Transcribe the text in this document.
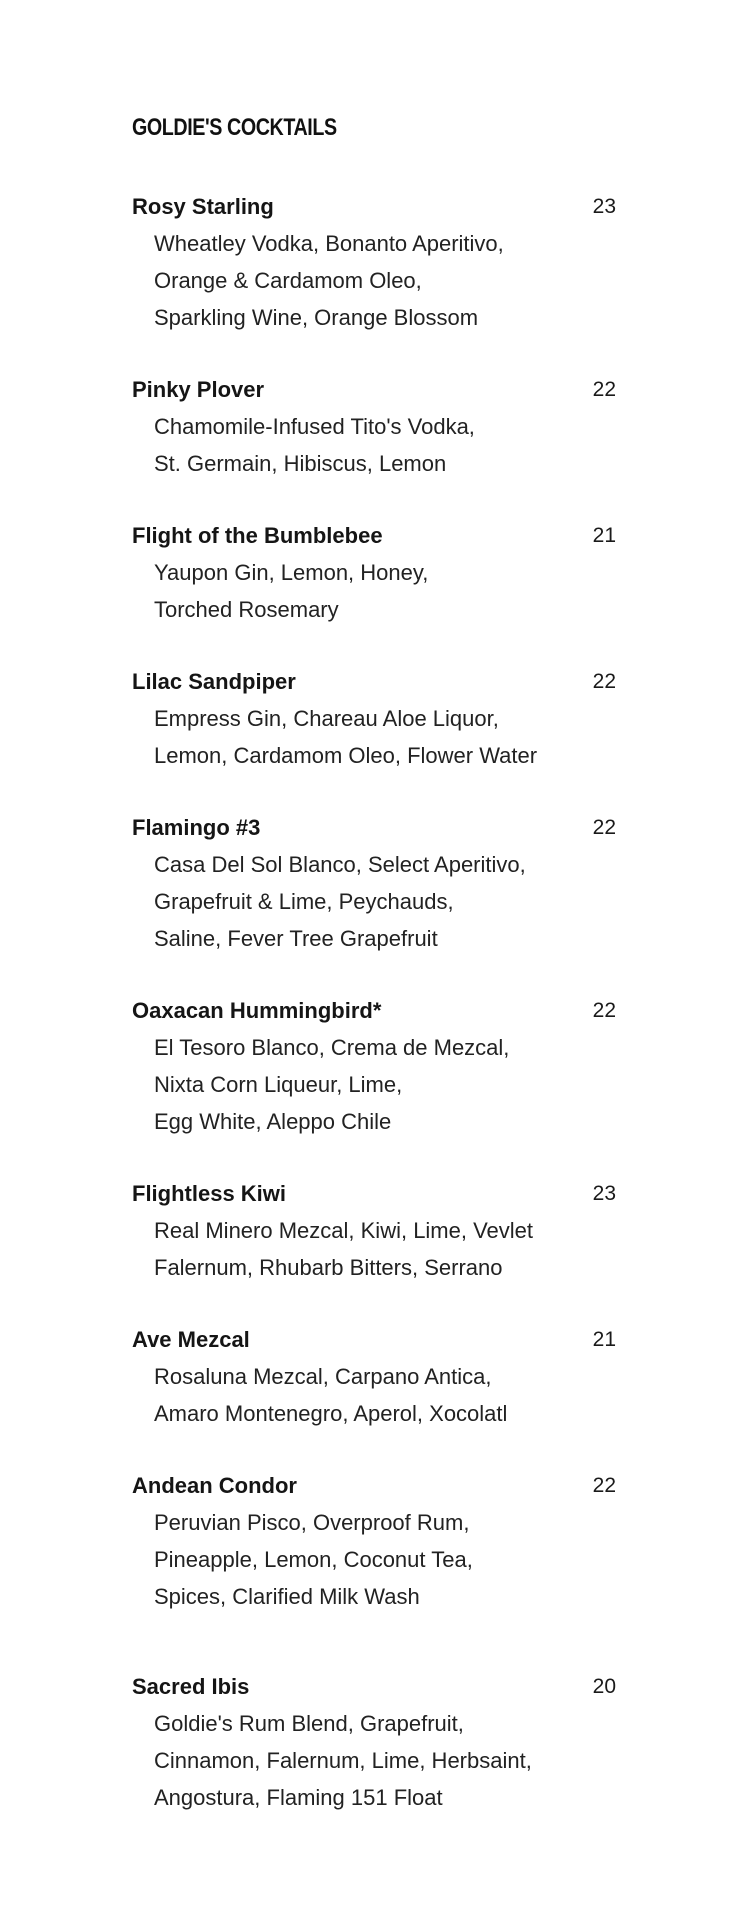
GOLDIE'S COCKTAILS
Rosy Starling	23
Wheatley Vodka, Bonanto Aperitivo,
Orange & Cardamom Oleo,
Sparkling Wine, Orange Blossom
Pinky Plover	22
Chamomile-Infused Tito's Vodka,
St. Germain, Hibiscus, Lemon
Flight of the Bumblebee	21
Yaupon Gin, Lemon, Honey,
Torched Rosemary
Lilac Sandpiper	22
Empress Gin, Chareau Aloe Liquor,
Lemon, Cardamom Oleo, Flower Water
Flamingo #3	22
Casa Del Sol Blanco, Select Aperitivo,
Grapefruit & Lime, Peychauds,
Saline, Fever Tree Grapefruit
Oaxacan Hummingbird*	22
El Tesoro Blanco, Crema de Mezcal,
Nixta Corn Liqueur, Lime,
Egg White, Aleppo Chile
Flightless Kiwi	23
Real Minero Mezcal, Kiwi, Lime, Vevlet
Falernum, Rhubarb Bitters, Serrano
Ave Mezcal	21
Rosaluna Mezcal, Carpano Antica,
Amaro Montenegro, Aperol, Xocolatl
Andean Condor	22
Peruvian Pisco, Overproof Rum,
Pineapple, Lemon, Coconut Tea,
Spices, Clarified Milk Wash
Sacred Ibis	20
Goldie's Rum Blend, Grapefruit,
Cinnamon, Falernum, Lime, Herbsaint,
Angostura, Flaming 151 Float
